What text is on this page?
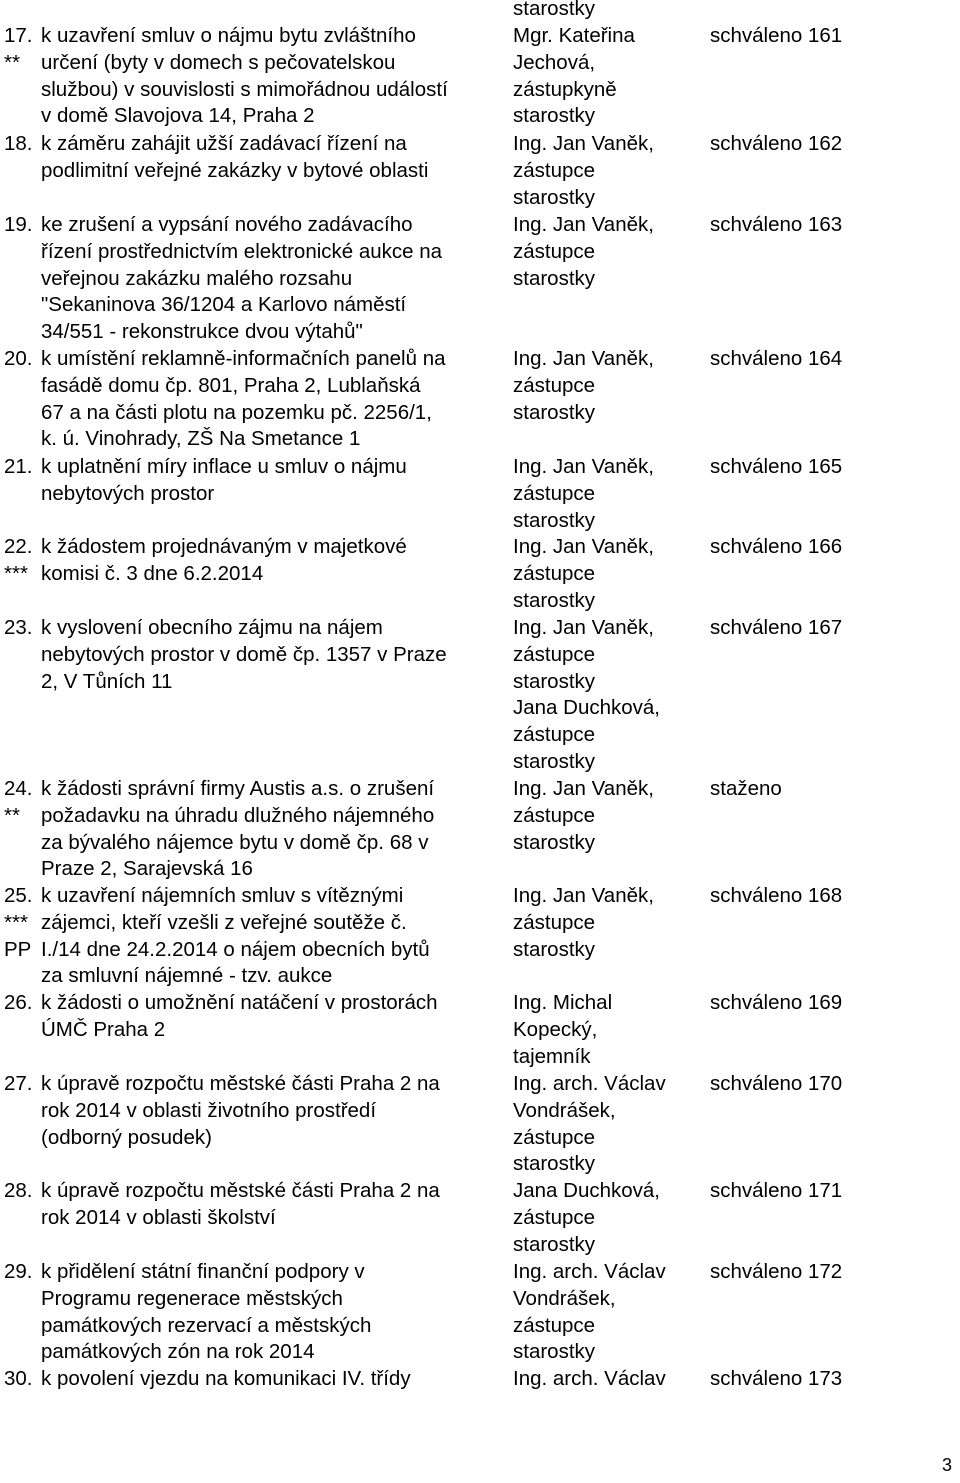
starostky
17.
**
k uzavření smluv o nájmu bytu zvláštního
určení (byty v domech s pečovatelskou
službou) v souvislosti s mimořádnou událostí
v domě Slavojova 14, Praha 2
Mgr. Kateřina
Jechová,
zástupkyně
starostky
schváleno 161
18. k záměru zahájit užší zadávací řízení na
podlimitní veřejné zakázky v bytové oblasti
Ing. Jan Vaněk,
zástupce
starostky
schváleno 162
19. ke zrušení a vypsání nového zadávacího
řízení prostřednictvím elektronické aukce na
veřejnou zakázku malého rozsahu
"Sekaninova 36/1204 a Karlovo náměstí
34/551 - rekonstrukce dvou výtahů"
Ing. Jan Vaněk,
zástupce
starostky
schváleno 163
20. k umístění reklamně-informačních panelů na
fasádě domu čp. 801, Praha 2, Lublaňská
67 a na části plotu na pozemku pč. 2256/1,
k. ú. Vinohrady, ZŠ Na Smetance 1
Ing. Jan Vaněk,
zástupce
starostky
schváleno 164
21. k uplatnění míry inflace u smluv o nájmu
nebytových prostor
Ing. Jan Vaněk,
zástupce
starostky
schváleno 165
22.
***
k žádostem projednávaným v majetkové
komisi č. 3 dne 6.2.2014
Ing. Jan Vaněk,
zástupce
starostky
schváleno 166
23. k vyslovení obecního zájmu na nájem
nebytových prostor v domě čp. 1357 v Praze
2, V Tůních 11
Ing. Jan Vaněk,
zástupce
starostky
Jana Duchková,
zástupce
starostky
schváleno 167
24.
**
k žádosti správní firmy Austis a.s. o zrušení
požadavku na úhradu dlužného nájemného
za bývalého nájemce bytu v domě čp. 68 v
Praze 2, Sarajevská 16
Ing. Jan Vaněk,
zástupce
starostky
staženo
25.
***
PP
k uzavření nájemních smluv s vítěznými
zájemci, kteří vzešli z veřejné soutěže č.
I./14 dne 24.2.2014 o nájem obecních bytů
za smluvní nájemné - tzv. aukce
Ing. Jan Vaněk,
zástupce
starostky
schváleno 168
26. k žádosti o umožnění natáčení v prostorách
ÚMČ Praha 2
Ing. Michal
Kopecký,
tajemník
schváleno 169
27. k úpravě rozpočtu městské části Praha 2 na
rok 2014 v oblasti životního prostředí
(odborný posudek)
Ing. arch. Václav
Vondrášek,
zástupce
starostky
schváleno 170
28. k úpravě rozpočtu městské části Praha 2 na
rok 2014 v oblasti školství
Jana Duchková,
zástupce
starostky
schváleno 171
29. k přidělení státní finanční podpory v
Programu regenerace městských
památkových rezervací a městských
památkových zón na rok 2014
Ing. arch. Václav
Vondrášek,
zástupce
starostky
schváleno 172
30. k povolení vjezdu na komunikaci IV. třídy	Ing. arch. Václav	schváleno 173
3
